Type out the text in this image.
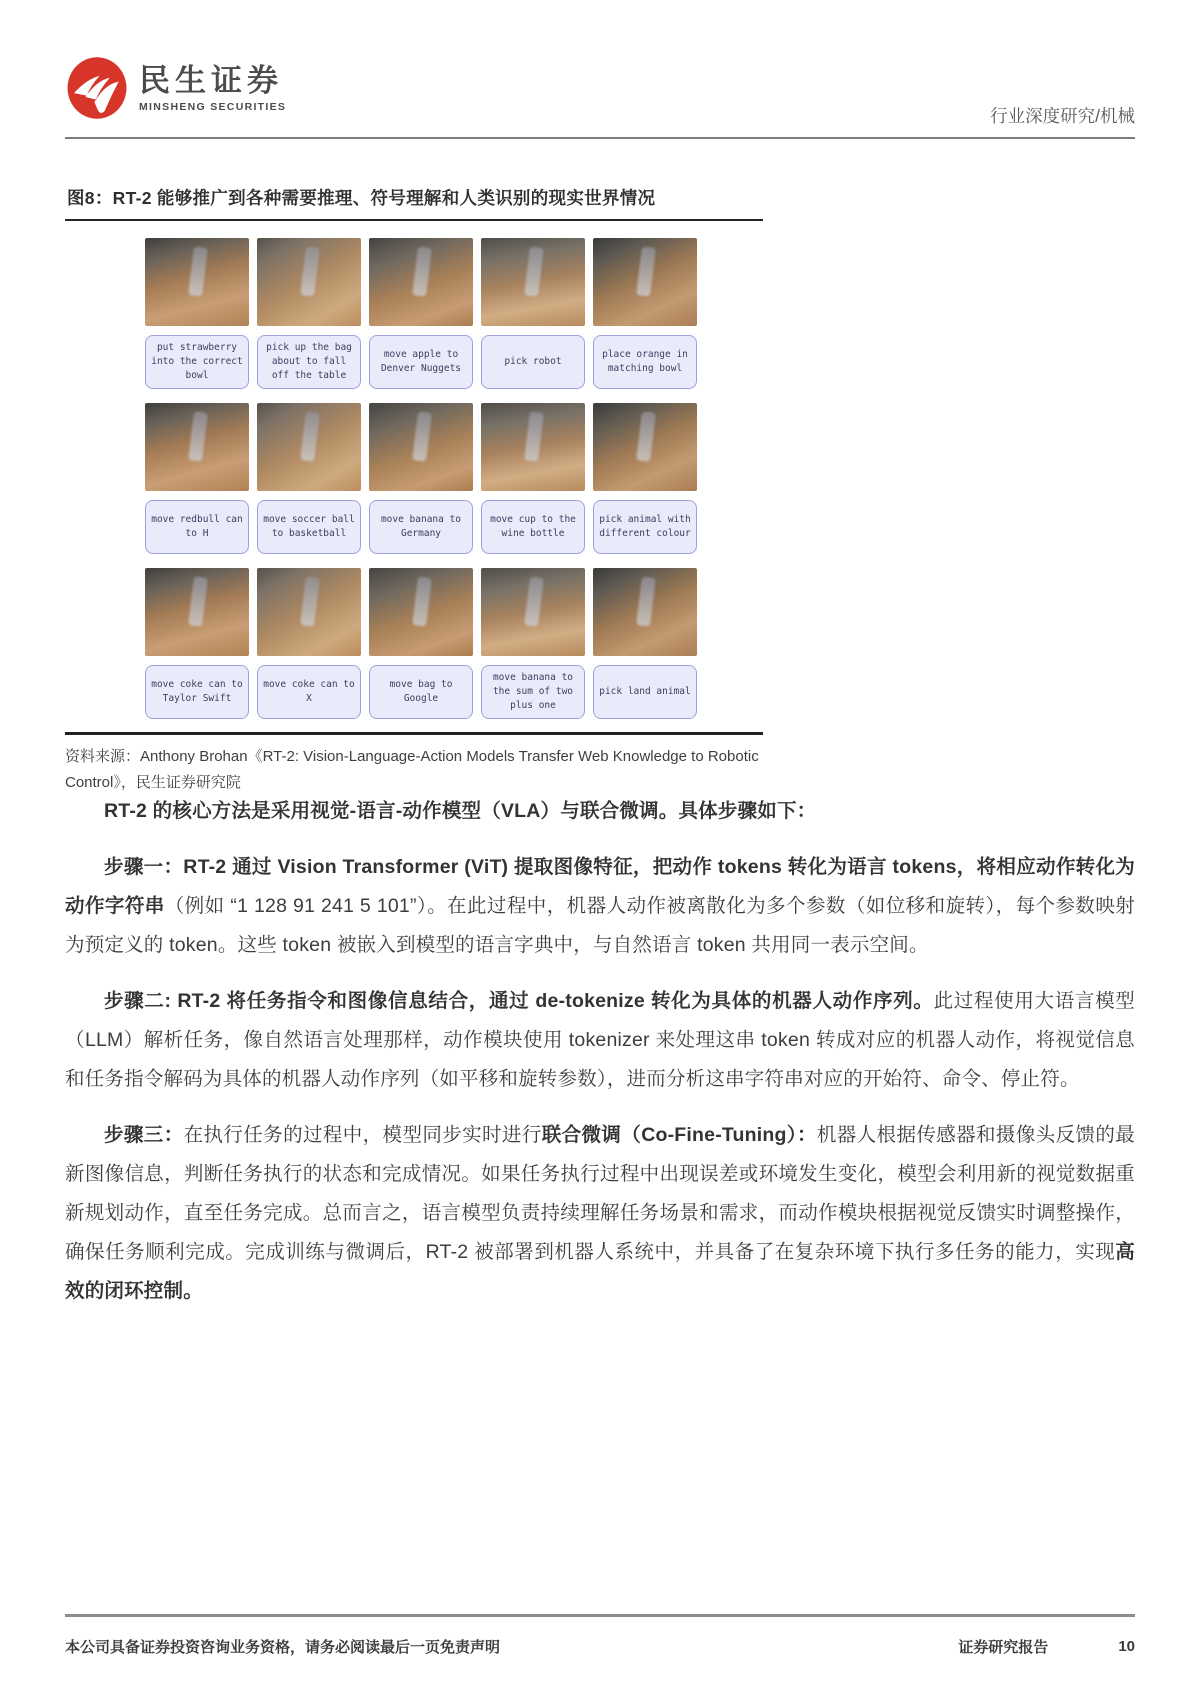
民生证券
MINSHENG SECURITIES	行业深度研究/机械
图8：RT-2 能够推广到各种需要推理、符号理解和人类识别的现实世界情况
put strawberry into the correct bowl
pick up the bag about to fall off the table
move apple to Denver Nuggets
pick robot
place orange in matching bowl
move redbull can to H
move soccer ball to basketball
move banana to Germany
move cup to the wine bottle
pick animal with different colour
move coke can to Taylor Swift
move coke can to X
move bag to Google
move banana to the sum of two plus one
pick land animal
资料来源：Anthony Brohan《RT-2: Vision-Language-Action Models Transfer Web Knowledge to Robotic Control》，民生证券研究院

RT-2 的核心方法是采用视觉-语言-动作模型（VLA）与联合微调。具体步骤如下：

步骤一：RT-2 通过 Vision Transformer (ViT) 提取图像特征，把动作 tokens 转化为语言 tokens，将相应动作转化为动作字符串（例如 “1 128 91 241 5 101”）。在此过程中，机器人动作被离散化为多个参数（如位移和旋转），每个参数映射为预定义的 token。这些 token 被嵌入到模型的语言字典中，与自然语言 token 共用同一表示空间。

步骤二: RT-2 将任务指令和图像信息结合，通过 de-tokenize 转化为具体的机器人动作序列。此过程使用大语言模型（LLM）解析任务，像自然语言处理那样，动作模块使用 tokenizer 来处理这串 token 转成对应的机器人动作，将视觉信息和任务指令解码为具体的机器人动作序列（如平移和旋转参数），进而分析这串字符串对应的开始符、命令、停止符。

步骤三：在执行任务的过程中，模型同步实时进行联合微调（Co-Fine-Tuning）：机器人根据传感器和摄像头反馈的最新图像信息，判断任务执行的状态和完成情况。如果任务执行过程中出现误差或环境发生变化，模型会利用新的视觉数据重新规划动作，直至任务完成。总而言之，语言模型负责持续理解任务场景和需求，而动作模块根据视觉反馈实时调整操作，确保任务顺利完成。完成训练与微调后，RT-2 被部署到机器人系统中，并具备了在复杂环境下执行多任务的能力，实现高效的闭环控制。

本公司具备证券投资咨询业务资格，请务必阅读最后一页免责声明	证券研究报告	10
